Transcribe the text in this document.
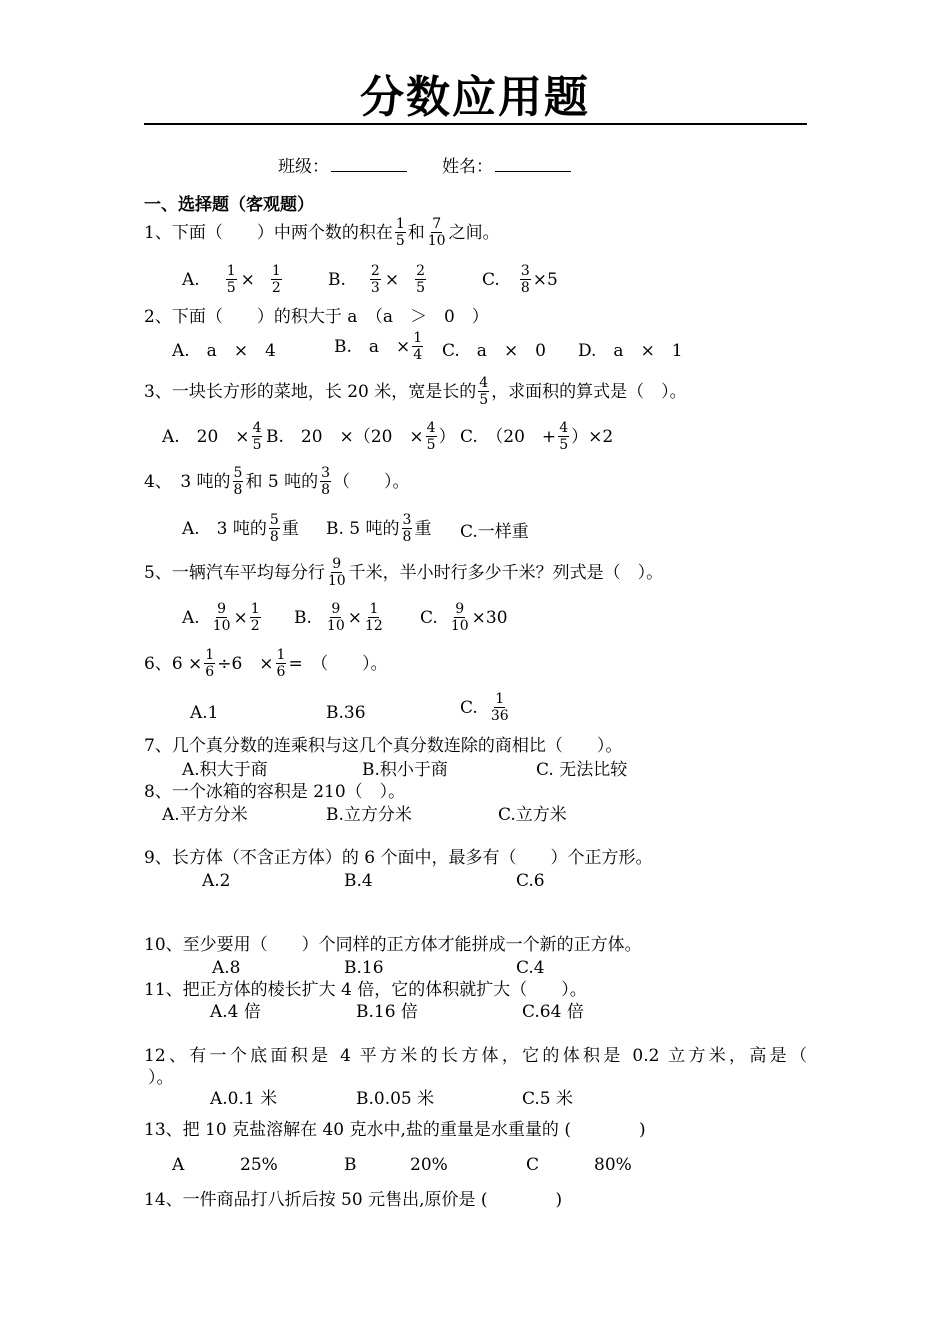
分数应用题
班级：	姓名：
一、选择题（客观题）
1、下面（　　）中两个数的积在 $\frac{1}{5}$ 和 $\frac{7}{10}$ 之间。
A. $\frac{1}{5} \times \frac{1}{2}$	B. $\frac{2}{3} \times \frac{2}{5}$	C. $\frac{3}{8} \times 5$
2、下面（　　）的积大于 a　（a　＞　0　）
A.　a　×　4	B.　a　× $\frac{1}{4} C$.　a　×　0 D.　a　×　1
3、一块长方形的菜地，长 20 米，宽是长的 $\frac{4}{5}$ ，求面积的算式是（　）。
A.　20　× $\frac{4}{5} B$.　20　×（20　× $\frac{4}{5}$ ） C.　（20　+ $\frac{4}{5} )\times 2$
4、　3 吨的 $\frac{5}{8}$ 和 5 吨的 $\frac{3}{8}$ （　　）。
A.　3 吨的 $\frac{5}{8}$ 重 B. 5 吨的 $\frac{3}{8}$ 重 C.一样重
5、一辆汽车平均每分行 $\frac{9}{10}$ 千米，半小时行多少千米？列式是（　）。
A. $\frac{9}{10} \times \frac{1}{2} B$. $\frac{9}{10} \times \frac{1}{12} C$. $\frac{9}{10} \times 30$
6、$6 \times \frac{1}{6} \div 6$　× $\frac{1}{6}$ =　（　　）。
A.1	B.36	C. $\frac{1}{36}$
7、几个真分数的连乘积与这几个真分数连除的商相比（　　）。
A.积大于商	B.积小于商	C. 无法比较
8、一个冰箱的容积是 210（　）。
A.平方分米	B.立方分米	C.立方米
9、长方体（不含正方体）的 6 个面中，最多有（　　）个正方形。
A.2	B.4	C.6
10、至少要用（　　）个同样的正方体才能拼成一个新的正方体。
A.8	B.16	C.4
11、把正方体的棱长扩大 4 倍，它的体积就扩大（　　）。
A.4 倍	B.16 倍	C.64 倍
12、有一个底面积是 4 平方米的长方体，它的体积是 0.2 立方米，高是（
）。
A.0.1 米	B.0.05 米	C.5 米
13、把 10 克盐溶解在 40 克水中,盐的重量是水重量的 (　　　　)
A	25%	B	20%	C	80%
14、一件商品打八折后按 50 元售出,原价是 (　　　　)
